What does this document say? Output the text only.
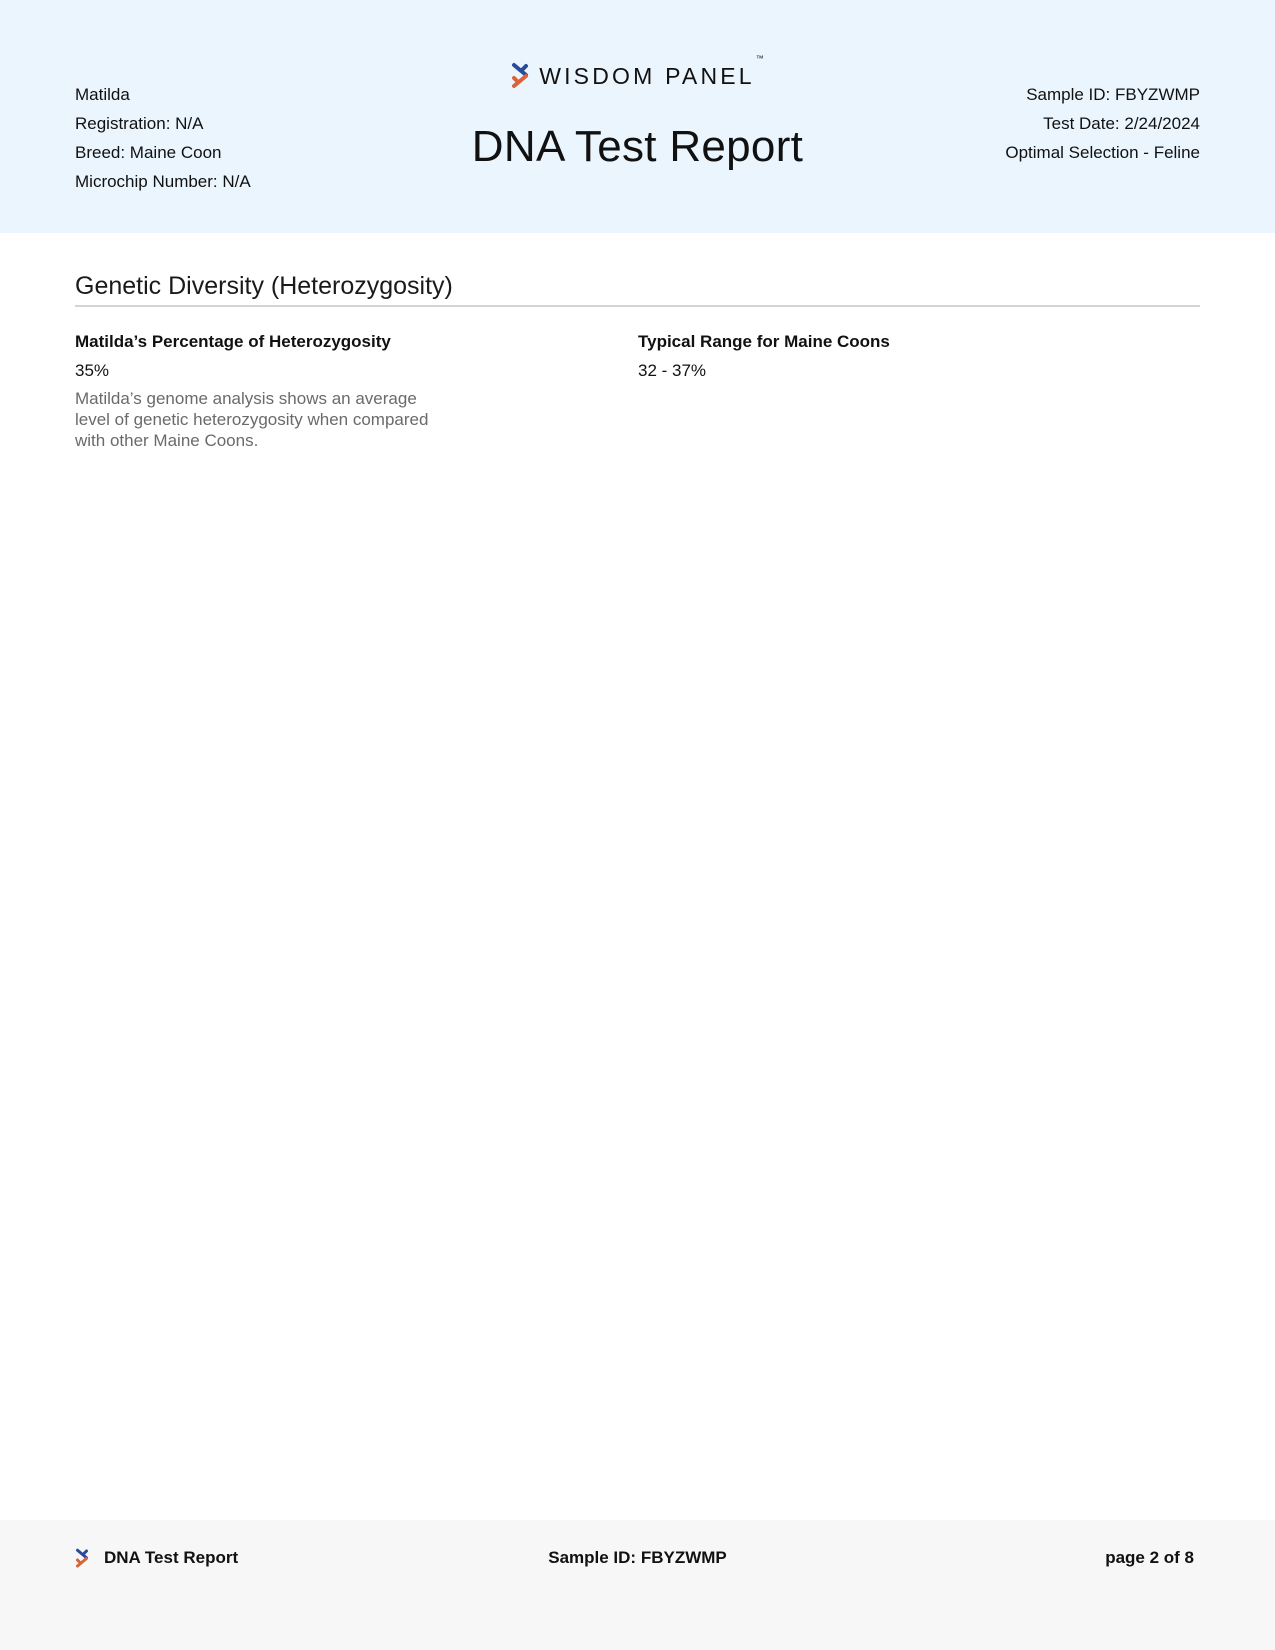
Matilda
Registration: N/A
Breed: Maine Coon
Microchip Number: N/A
WISDOM PANEL™
DNA Test Report
Sample ID: FBYZWMP
Test Date: 2/24/2024
Optimal Selection - Feline
Genetic Diversity (Heterozygosity)
Matilda’s Percentage of Heterozygosity
35%
Matilda’s genome analysis shows an average level of genetic heterozygosity when compared with other Maine Coons.
Typical Range for Maine Coons
32 - 37%
DNA Test Report	Sample ID: FBYZWMP	page 2 of 8
